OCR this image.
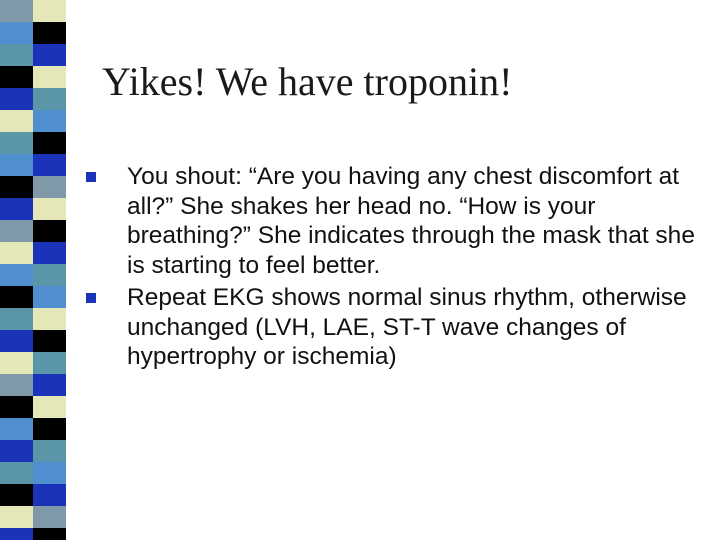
Yikes! We have troponin!
You shout: “Are you having any chest discomfort at all?” She shakes her head no. “How is your breathing?” She indicates through the mask that she is starting to feel better.
Repeat EKG shows normal sinus rhythm, otherwise unchanged (LVH, LAE, ST-T wave changes of hypertrophy or ischemia)
